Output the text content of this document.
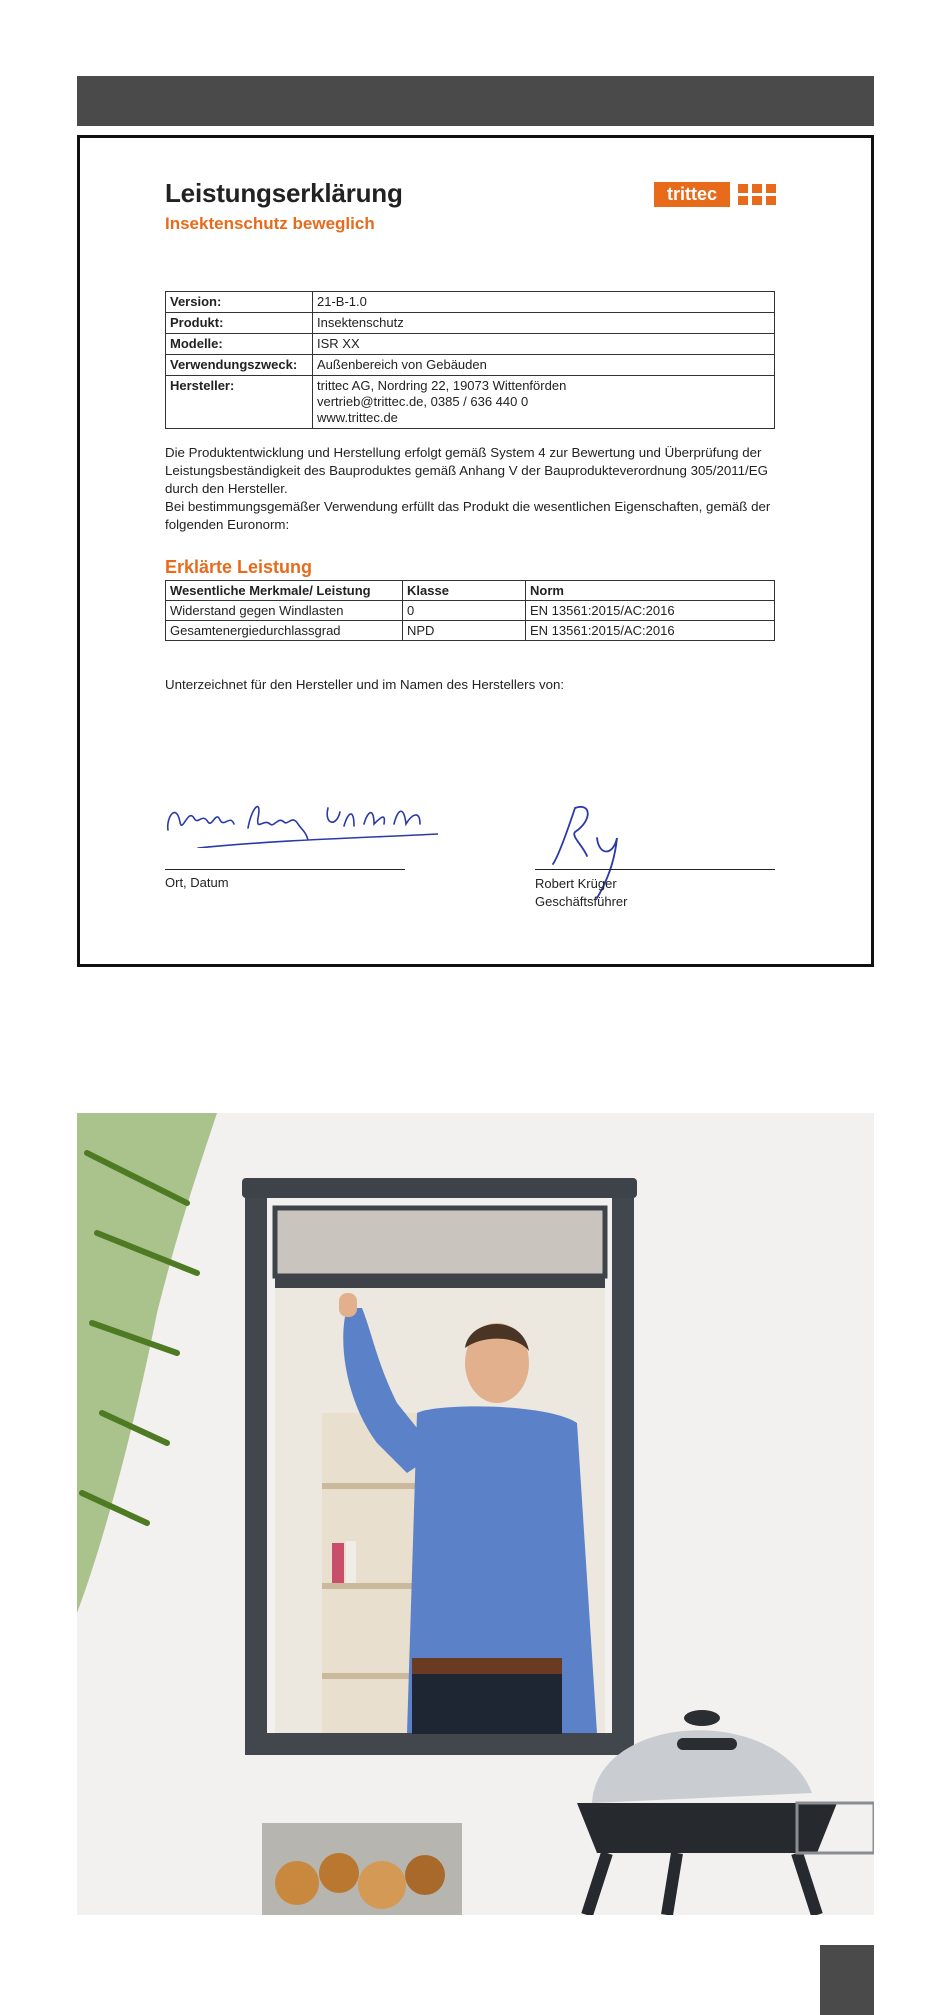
Leistungserklärung
Insektenschutz beweglich
trittec
Version:	21-B-1.0
Produkt:	Insektenschutz
Modelle:	ISR XX
Verwendungszweck:	Außenbereich von Gebäuden
Hersteller:	trittec AG, Nordring 22, 19073 Wittenförden
vertrieb@trittec.de, 0385 / 636 440 0
www.trittec.de
Die Produktentwicklung und Herstellung erfolgt gemäß System 4 zur Bewertung und Überprüfung der Leistungsbeständigkeit des Bauproduktes gemäß Anhang V der Bauprodukteverordnung 305/2011/EG durch den Hersteller.
Bei bestimmungsgemäßer Verwendung erfüllt das Produkt die wesentlichen Eigenschaften, gemäß der folgenden Euronorm:
Erklärte Leistung
Wesentliche Merkmale/ Leistung	Klasse	Norm
Widerstand gegen Windlasten	0	EN 13561:2015/AC:2016
Gesamtenergiedurchlassgrad	NPD	EN 13561:2015/AC:2016
Unterzeichnet für den Hersteller und im Namen des Herstellers von:
Ort, Datum	Robert Krüger
Geschäftsführer
